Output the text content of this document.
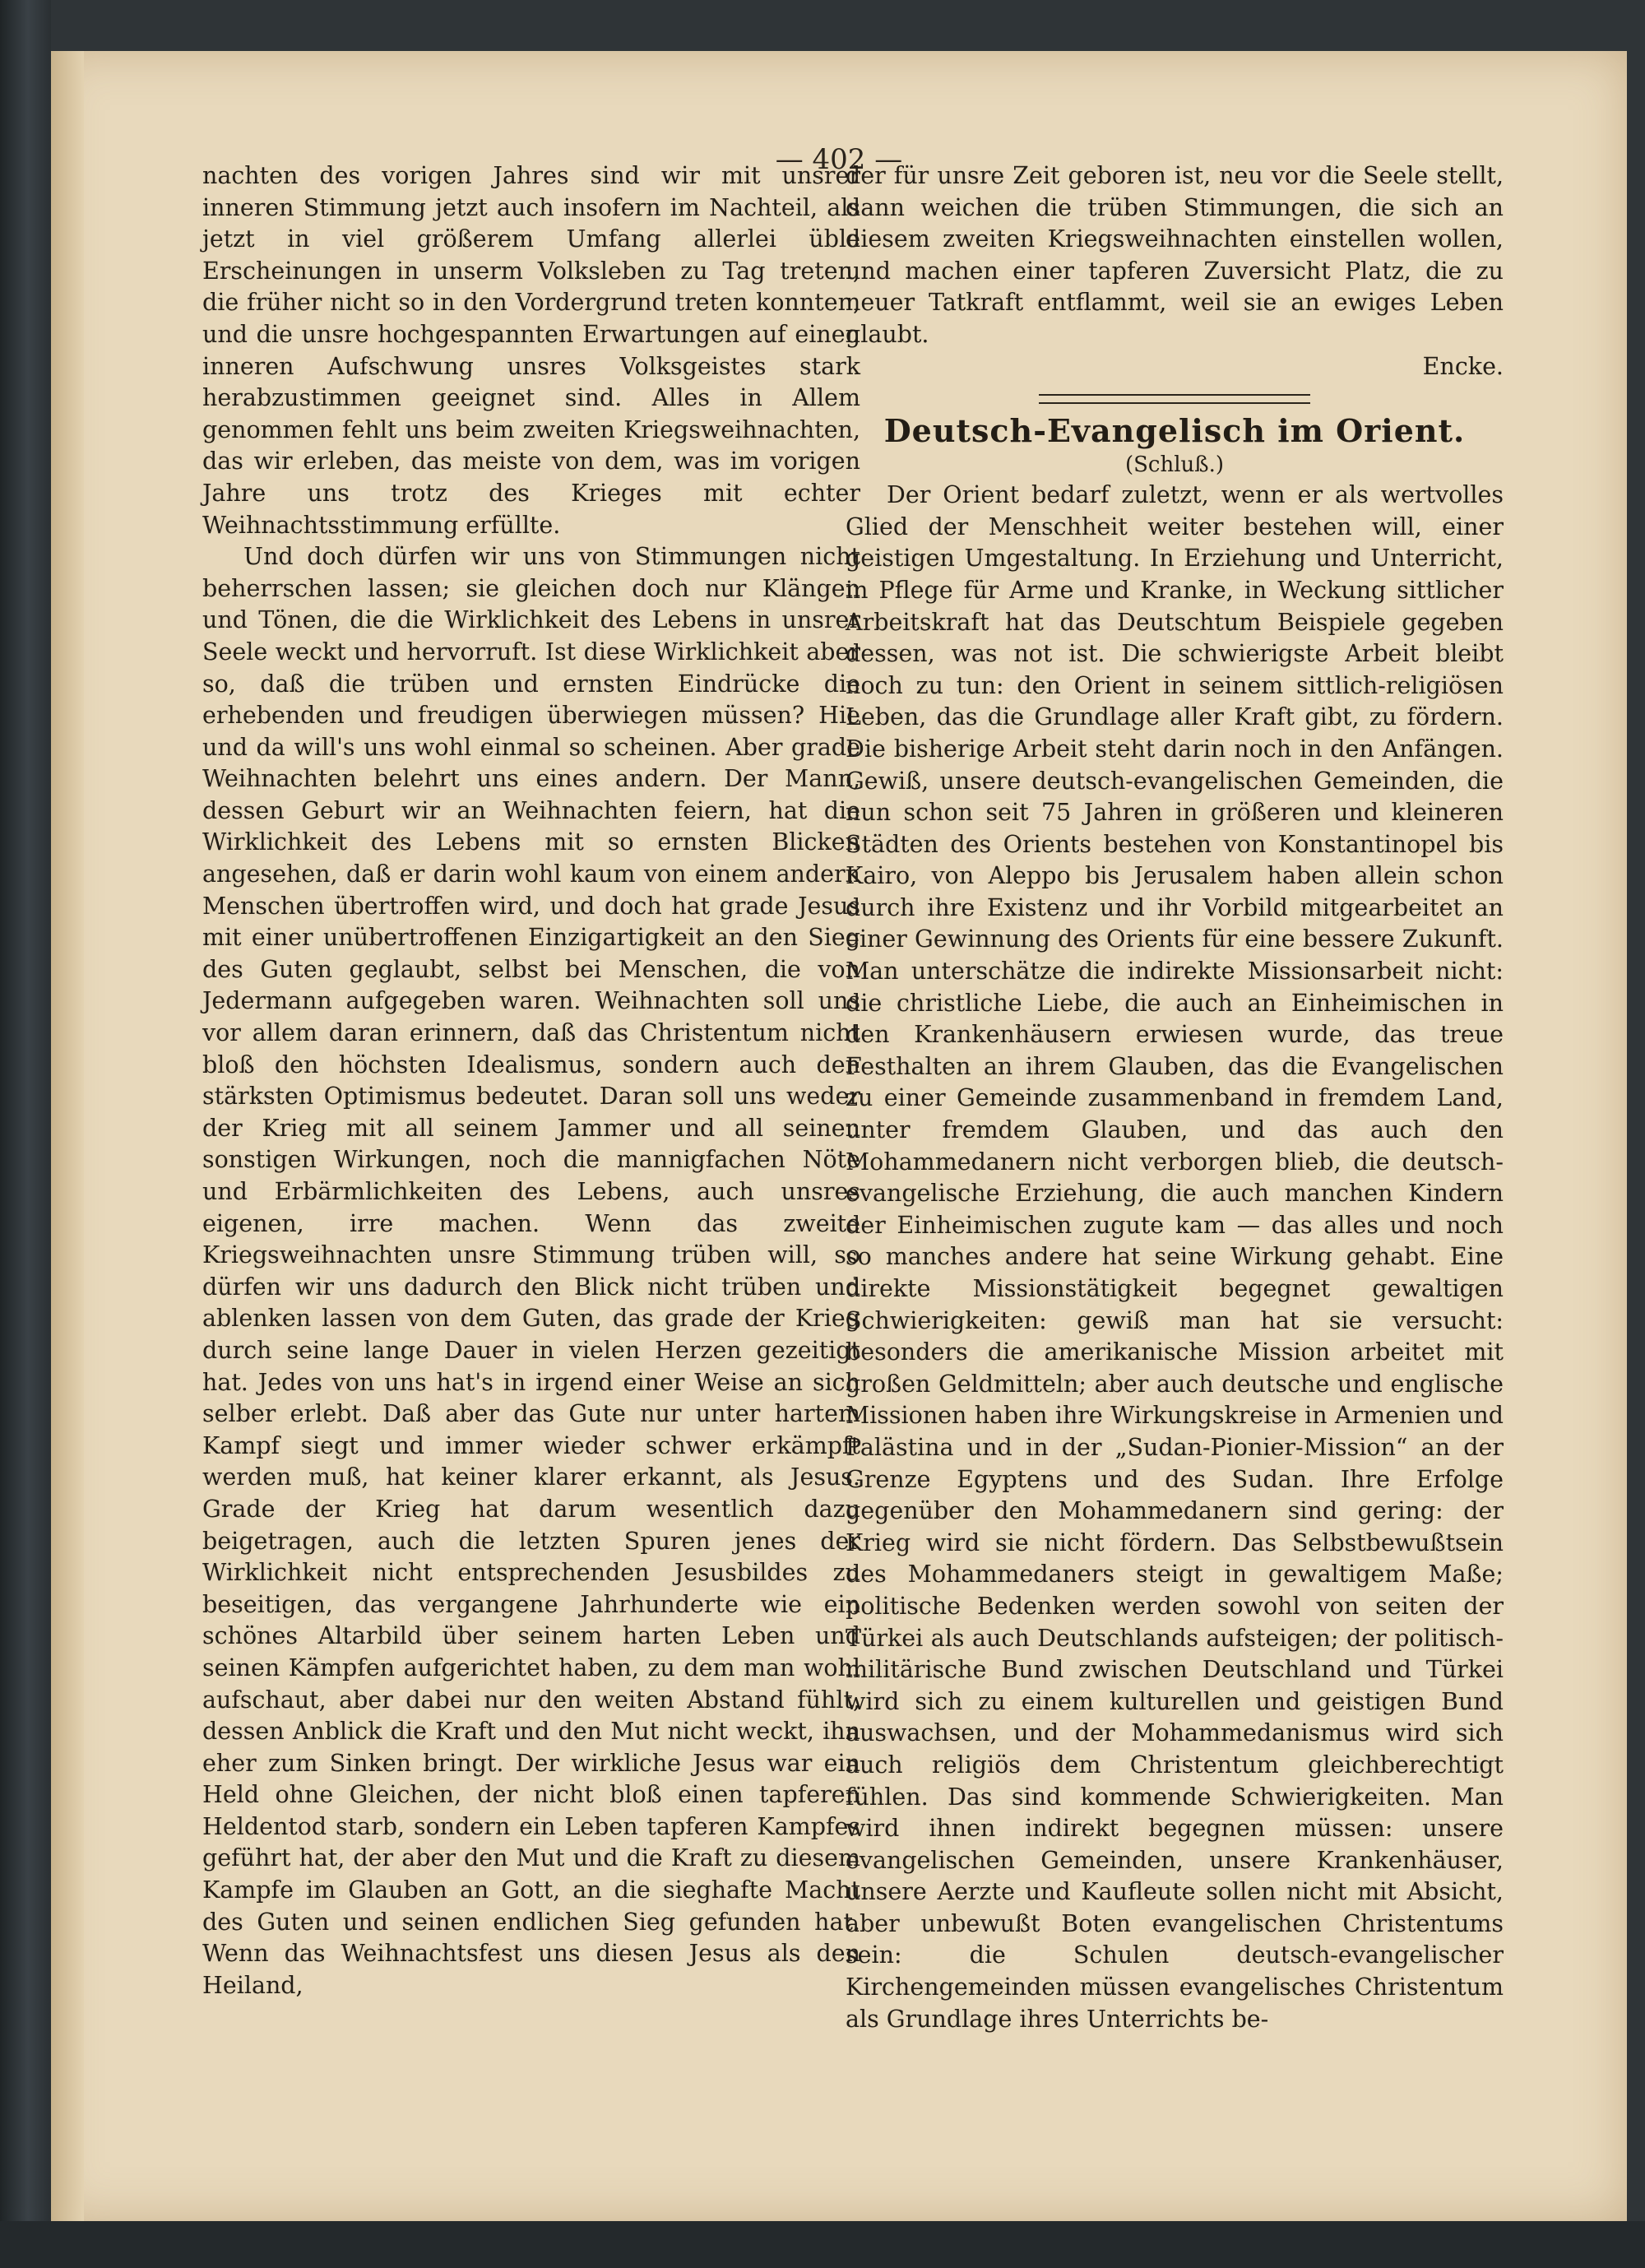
— 402 —

nachten des vorigen Jahres sind wir mit unsrer inneren Stimmung jetzt auch insofern im Nachteil, als jetzt in viel größerem Umfang allerlei üble Erscheinungen in unserm Volksleben zu Tag treten, die früher nicht so in den Vordergrund treten konnten, und die unsre hochgespannten Erwartungen auf einen inneren Aufschwung unsres Volksgeistes stark herabzustimmen geeignet sind. Alles in Allem genommen fehlt uns beim zweiten Kriegsweihnachten, das wir erleben, das meiste von dem, was im vorigen Jahre uns trotz des Krieges mit echter Weihnachtsstimmung erfüllte.

Und doch dürfen wir uns von Stimmungen nicht beherrschen lassen; sie gleichen doch nur Klängen und Tönen, die die Wirklichkeit des Lebens in unsrer Seele weckt und hervorruft. Ist diese Wirklichkeit aber so, daß die trüben und ernsten Eindrücke die erhebenden und freudigen überwiegen müssen? Hie und da will's uns wohl einmal so scheinen. Aber grade Weihnachten belehrt uns eines andern. Der Mann, dessen Geburt wir an Weihnachten feiern, hat die Wirklichkeit des Lebens mit so ernsten Blicken angesehen, daß er darin wohl kaum von einem andern Menschen übertroffen wird, und doch hat grade Jesus mit einer unübertroffenen Einzigartigkeit an den Sieg des Guten geglaubt, selbst bei Menschen, die von Jedermann aufgegeben waren. Weihnachten soll uns vor allem daran erinnern, daß das Christentum nicht bloß den höchsten Idealismus, sondern auch den stärksten Optimismus bedeutet. Daran soll uns weder der Krieg mit all seinem Jammer und all seinen sonstigen Wirkungen, noch die mannigfachen Nöte und Erbärmlichkeiten des Lebens, auch unsres eigenen, irre machen. Wenn das zweite Kriegsweihnachten unsre Stimmung trüben will, so dürfen wir uns dadurch den Blick nicht trüben und ablenken lassen von dem Guten, das grade der Krieg durch seine lange Dauer in vielen Herzen gezeitigt hat. Jedes von uns hat's in irgend einer Weise an sich selber erlebt. Daß aber das Gute nur unter hartem Kampf siegt und immer wieder schwer erkämpft werden muß, hat keiner klarer erkannt, als Jesus. Grade der Krieg hat darum wesentlich dazu beigetragen, auch die letzten Spuren jenes der Wirklichkeit nicht entsprechenden Jesusbildes zu beseitigen, das vergangene Jahrhunderte wie ein schönes Altarbild über seinem harten Leben und seinen Kämpfen aufgerichtet haben, zu dem man wohl aufschaut, aber dabei nur den weiten Abstand fühlt, dessen Anblick die Kraft und den Mut nicht weckt, ihn eher zum Sinken bringt. Der wirkliche Jesus war ein Held ohne Gleichen, der nicht bloß einen tapferen Heldentod starb, sondern ein Leben tapferen Kampfes geführt hat, der aber den Mut und die Kraft zu diesem Kampfe im Glauben an Gott, an die sieghafte Macht des Guten und seinen endlichen Sieg gefunden hat. Wenn das Weihnachtsfest uns diesen Jesus als den Heiland,

der für unsre Zeit geboren ist, neu vor die Seele stellt, dann weichen die trüben Stimmungen, die sich an diesem zweiten Kriegsweihnachten einstellen wollen, und machen einer tapferen Zuversicht Platz, die zu neuer Tatkraft entflammt, weil sie an ewiges Leben glaubt.

Encke.
Deutsch-Evangelisch im Orient.
(Schluß.)

Der Orient bedarf zuletzt, wenn er als wertvolles Glied der Menschheit weiter bestehen will, einer geistigen Umgestaltung. In Erziehung und Unterricht, in Pflege für Arme und Kranke, in Weckung sittlicher Arbeitskraft hat das Deutschtum Beispiele gegeben dessen, was not ist. Die schwierigste Arbeit bleibt noch zu tun: den Orient in seinem sittlich-religiösen Leben, das die Grundlage aller Kraft gibt, zu fördern. Die bisherige Arbeit steht darin noch in den Anfängen. Gewiß, unsere deutsch-evangelischen Gemeinden, die nun schon seit 75 Jahren in größeren und kleineren Städten des Orients bestehen von Konstantinopel bis Kairo, von Aleppo bis Jerusalem haben allein schon durch ihre Existenz und ihr Vorbild mitgearbeitet an einer Gewinnung des Orients für eine bessere Zukunft. Man unterschätze die indirekte Missionsarbeit nicht: die christliche Liebe, die auch an Einheimischen in den Krankenhäusern erwiesen wurde, das treue Festhalten an ihrem Glauben, das die Evangelischen zu einer Gemeinde zusammenband in fremdem Land, unter fremdem Glauben, und das auch den Mohammedanern nicht verborgen blieb, die deutsch-evangelische Erziehung, die auch manchen Kindern der Einheimischen zugute kam — das alles und noch so manches andere hat seine Wirkung gehabt. Eine direkte Missionstätigkeit begegnet gewaltigen Schwierigkeiten: gewiß man hat sie versucht: besonders die amerikanische Mission arbeitet mit großen Geldmitteln; aber auch deutsche und englische Missionen haben ihre Wirkungskreise in Armenien und Palästina und in der „Sudan-Pionier-Mission“ an der Grenze Egyptens und des Sudan. Ihre Erfolge gegenüber den Mohammedanern sind gering: der Krieg wird sie nicht fördern. Das Selbstbewußtsein des Mohammedaners steigt in gewaltigem Maße; politische Bedenken werden sowohl von seiten der Türkei als auch Deutschlands aufsteigen; der politisch-militärische Bund zwischen Deutschland und Türkei wird sich zu einem kulturellen und geistigen Bund auswachsen, und der Mohammedanismus wird sich auch religiös dem Christentum gleichberechtigt fühlen. Das sind kommende Schwierigkeiten. Man wird ihnen indirekt begegnen müssen: unsere evangelischen Gemeinden, unsere Krankenhäuser, unsere Aerzte und Kaufleute sollen nicht mit Absicht, aber unbewußt Boten evangelischen Christentums sein: die Schulen deutsch-evangelischer Kirchengemeinden müssen evangelisches Christentum als Grundlage ihres Unterrichts be-
